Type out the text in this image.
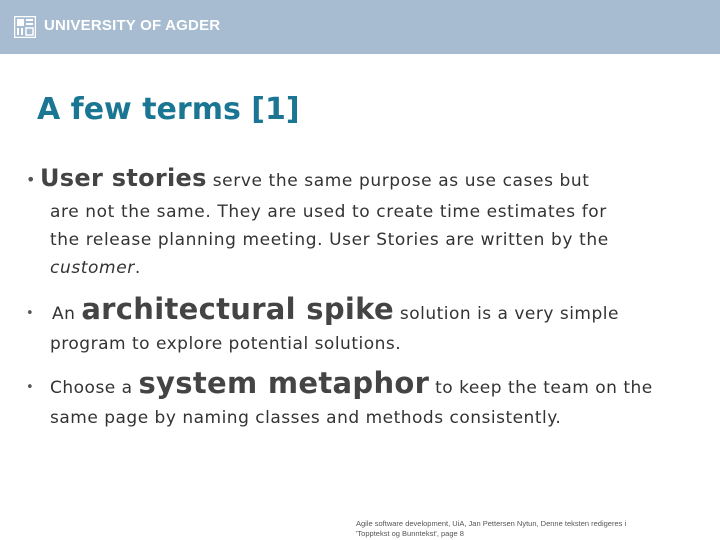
UNIVERSITY OF AGDER
A few terms [1]
• User stories serve the same purpose as use cases but
are not the same. They are used to create time estimates for
the release planning meeting. User Stories are written by the
customer.
• An architectural spike solution is a very simple
program to explore potential solutions.
• Choose a system metaphor to keep the team on the
same page by naming classes and methods consistently.
Agile software development, UiA, Jan Pettersen Nytun, Denne teksten redigeres i
'Topptekst og Bunntekst', page 8
